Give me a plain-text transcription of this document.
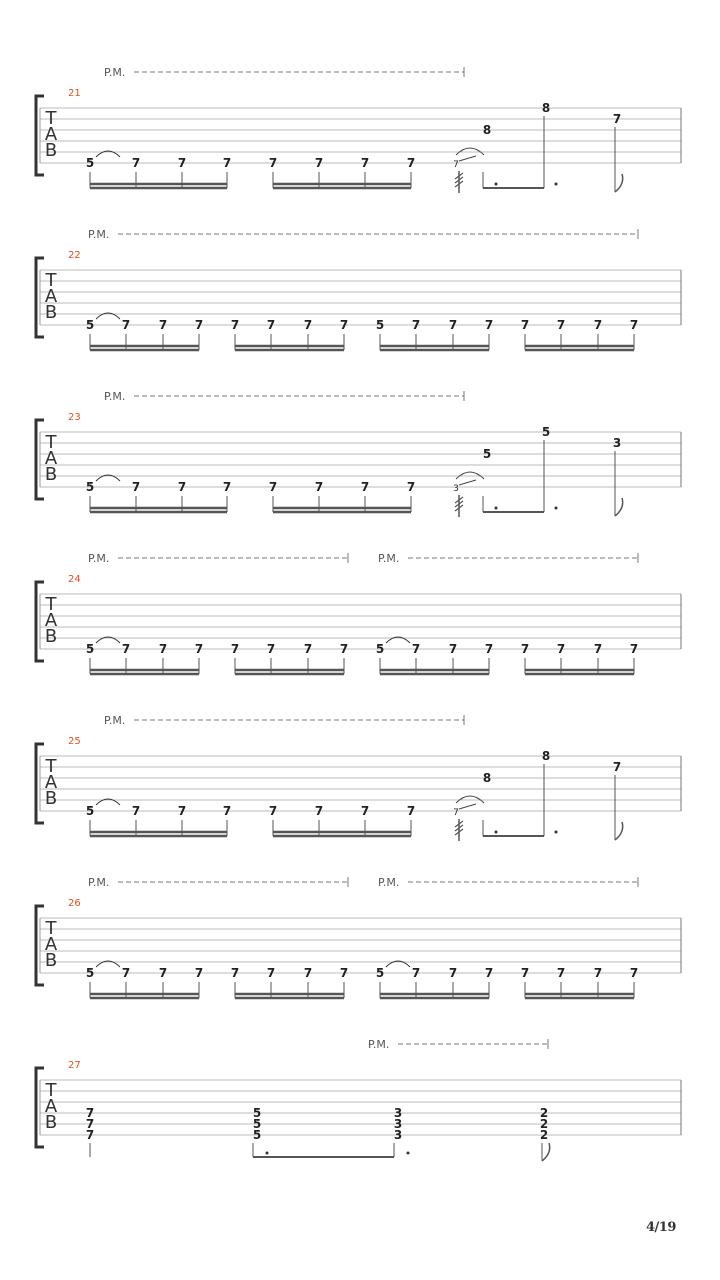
T
A
B
21
5	7	7	7	7	7	7	7	7
8
8
7
P.M.
T
A
B
22
5 7 7 7 7 7 7 7 5 7 7 7 7 7 7 7
P.M.
T
A
B
23
5	7	7	7	7	7	7	7	3
5
5
3
P.M.
T
A
B
24
5 7 7 7 7 7 7 7 5 7 7 7 7 7 7 7
P.M.	P.M.
T
A
B
25
5	7	7	7	7	7	7	7	7
8
8
7
P.M.
T
A
B
26
5 7 7 7 7 7 7 7 5 7 7 7 7 7 7 7
P.M.	P.M.
T
A
B
27
7
7
7
5
5
5
3
3
3
2
2
2
P.M.
4/19
